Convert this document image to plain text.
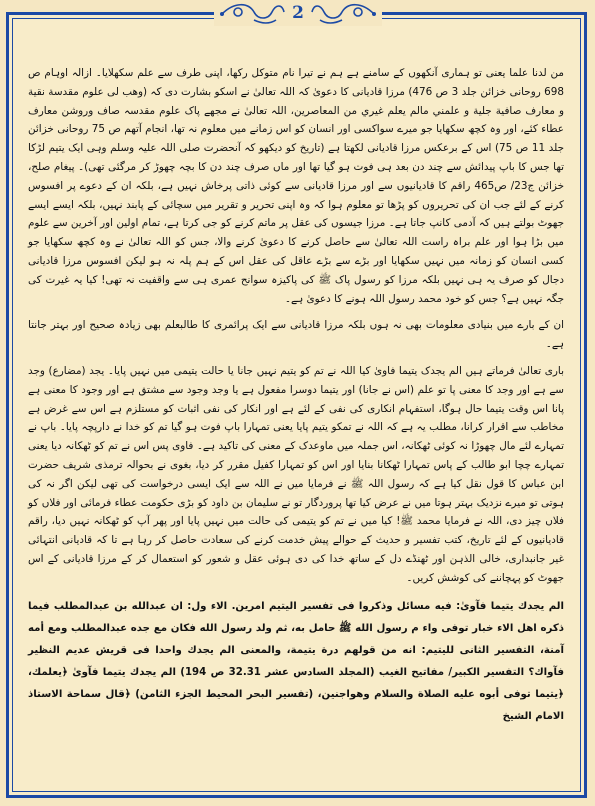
2

من لدنا علما یعنی تو ہماری آنکھوں کے سامنے ہے ہم نے تیرا نام متوکل رکھا، اپنی طرف سے علم سکھلایا۔ ازالہ اوہام ص 698 روحانی خزائن جلد 3 ص 476) مرزا قادیانی کا دعویٰ کہ اللہ تعالیٰ نے اسکو بشارت دی کہ (وهب لی علوم مقدسة نقية و معارف صافية جلية و علمني مالم يعلم غيري من المعاصرين، اللہ تعالیٰ نے مجھے پاک علوم مقدسہ صاف وروشن معارف عطاء کئے، اور وہ کچھ سکھایا جو میرے سواکسی اور انسان کو اس زمانے میں معلوم نہ تھا، انجام آتھم ص 75 روحانی خزائن جلد 11 ص 75) اس کے برعکس مرزا قادیانی لکھتا ہے (تاریخ کو دیکھو کہ آنحضرت صلی اللہ علیہ وسلم وہی ایک یتیم لڑکا تھا جس کا باپ پیدائش سے چند دن بعد ہی فوت ہو گیا تھا اور ماں صرف چند دن کا بچہ چھوڑ کر مرگئی تھی)۔ پیغام صلح، خزائن ج23/ ص465 راقم کا قادیانیوں سے اور مرزا قادیانی سے کوئی ذاتی پرخاش نہیں ہے، بلکہ ان کے دعوے پر افسوس کرنے کے لئے جب ان کی تحریروں کو پڑھا تو معلوم ہوا کہ وہ اپنی تحریر و تقریر میں سچائی کے پابند نہیں، بلکہ ایسے ایسے جھوٹ بولتے ہیں کہ آدمی کانپ جاتا ہے۔ مرزا جیسوں کی عقل پر ماتم کرنے کو جی کرتا ہے، تمام اولین اور آخرین سے علوم میں بڑا ہوا اور علم براہ راست اللہ تعالیٰ سے حاصل کرنے کا دعویٰ کرنے والا، جس کو اللہ تعالیٰ نے وہ کچھ سکھایا جو کسی انسان کو زمانہ میں نہیں سکھایا اور بڑے سے بڑے عاقل کی عقل اس کے ہم پلہ نہ ہو لیکن افسوس مرزا قادیانی دجال کو صرف یہ ہی نہیں بلکہ مرزا کو رسول پاک ﷺ کی پاکیزہ سوانح عمری ہی سے واقفیت نہ تھی! کیا یہ غیرت کی جگہ نہیں ہے؟ جس کو خود محمد رسول اللہ ہونے کا دعویٰ ہے۔

ان کے بارے میں بنیادی معلومات بھی نہ ہوں بلکہ مرزا قادیانی سے ایک پرائمری کا طالبعلم بھی زیادہ صحیح اور بہتر جانتا ہے۔

باری تعالیٰ فرماتے ہیں الم یجدک یتیما فاویٰ کیا اللہ نے تم کو یتیم نہیں جانا یا حالت یتیمی میں نہیں پایا۔ یجد (مضارع) وجد سے ہے اور وجد کا معنی پا تو علم (اس نے جانا) اور یتیما دوسرا مفعول ہے یا وجد وجود سے مشتق ہے اور وجود کا معنی ہے پانا اس وقت یتیما حال ہوگا، استفہام انکاری کی نفی کے لئے ہے اور انکار کی نفی اثبات کو مستلزم ہے اس سے غرض ہے مخاطب سے اقرار کرانا، مطلب یہ ہے کہ اللہ نے تمکو یتیم پایا یعنی تمہارا باپ فوت ہو گیا تم کو خدا نے دارپچہ پایا۔ باپ نے تمہارے لئے مال چھوڑا نہ کوئی ٹھکانہ، اس جملہ میں ماوعدک کے معنی کی تاکید ہے۔ فاوی پس اس نے تم کو ٹھکانہ دیا یعنی تمہارے چچا ابو طالب کے پاس تمہارا ٹھکانا بنایا اور اس کو تمہارا کفیل مقرر کر دیا، بغوی نے بحوالہ ترمذی شریف حضرت ابن عباس کا قول نقل کیا ہے کہ رسول اللہ ﷺ نے فرمایا میں نے اللہ سے ایک ایسی درخواست کی تھی لیکن اگر نہ کی ہوتی تو میرے نزدیک بہتر ہوتا میں نے عرض کیا تھا پروردگار تو نے سلیمان بن داود کو بڑی حکومت عطاء فرمائی اور فلاں کو فلاں چیز دی، اللہ نے فرمایا محمد ﷺ! کیا میں نے تم کو یتیمی کی حالت میں نہیں پایا اور پھر آپ کو ٹھکانہ نہیں دیا، راقم قادیانیوں کے لئے تاریخ، کتب تفسیر و حدیث کے حوالے پیش خدمت کرنے کی سعادت حاصل کر رہا ہے تا کہ قادیانی انتہائی غیر جانبداری، خالی الذہن اور ٹھنڈے دل کے ساتھ خدا کی دی ہوئی عقل و شعور کو استعمال کر کے مرزا قادیانی کے اس جھوٹ کو پہچاننے کی کوشش کریں۔

الم يجدك يتيما فآوىٰ: فيه مسائل وذكروا فى تفسير اليتيم امرين. الاء ول: ان عبدالله بن عبدالمطلب فيما ذكره اهل الاء خبار توفى واء م رسول الله ﷺ حامل به، ثم ولد رسول الله فكان مع جده عبدالمطلب ومع أمه آمنة، التفسير الثانى لليتيم: انه من قولهم درة يتيمة، والمعنى الم يجدك واحدا فى قريش عديم النظير فآواك؟ التفسير الكبير/ مفاتيح الغيب (المجلد السادس عشر 32.31 ص 194) الم يجدك يتيما فآوىٰ ﴿يعلمك، ﴿يتيما توفى أبوه عليه الصلاة والسلام وهواجنين، (تفسير البحر المحيط الجزء الثامن) ﴿قال سماحة الاستاذ الامام الشيخ
